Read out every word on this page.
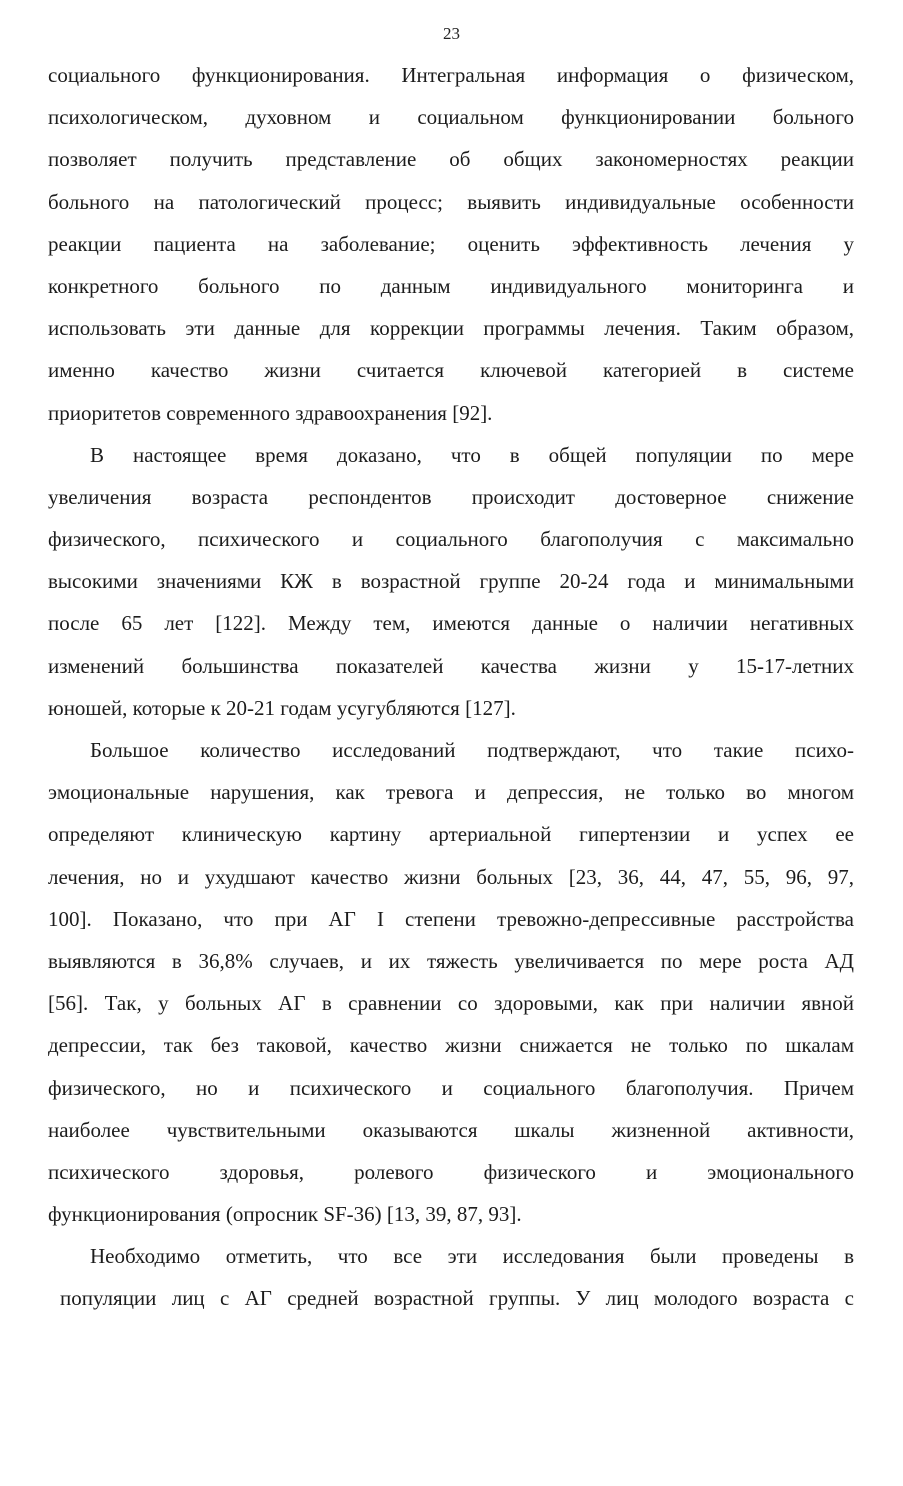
23
социального функционирования. Интегральная информация о физическом,
психологическом, духовном и социальном функционировании больного
позволяет получить представление об общих закономерностях реакции
больного на патологический процесс; выявить индивидуальные особенности
реакции пациента на заболевание; оценить эффективность лечения у
конкретного больного по данным индивидуального мониторинга и
использовать эти данные для коррекции программы лечения. Таким образом,
именно качество жизни считается ключевой категорией в системе
приоритетов современного здравоохранения [92].
В настоящее время доказано, что в общей популяции по мере
увеличения возраста респондентов происходит достоверное снижение
физического, психического и социального благополучия с максимально
высокими значениями КЖ в возрастной группе 20-24 года и минимальными
после 65 лет [122]. Между тем, имеются данные о наличии негативных
изменений большинства показателей качества жизни у 15-17-летних
юношей, которые к 20-21 годам усугубляются [127].
Большое количество исследований подтверждают, что такие психо-
эмоциональные нарушения, как тревога и депрессия, не только во многом
определяют клиническую картину артериальной гипертензии и успех ее
лечения, но и ухудшают качество жизни больных [23, 36, 44, 47, 55, 96, 97,
100]. Показано, что при АГ I степени тревожно-депрессивные расстройства
выявляются в 36,8% случаев, и их тяжесть увеличивается по мере роста АД
[56]. Так, у больных АГ в сравнении со здоровыми, как при наличии явной
депрессии, так без таковой, качество жизни снижается не только по шкалам
физического, но и психического и социального благополучия. Причем
наиболее чувствительными оказываются шкалы жизненной активности,
психического здоровья, ролевого физического и эмоционального
функционирования (опросник SF-36) [13, 39, 87, 93].
Необходимо отметить, что все эти исследования были проведены в
популяции лиц с АГ средней возрастной группы. У лиц молодого возраста с
